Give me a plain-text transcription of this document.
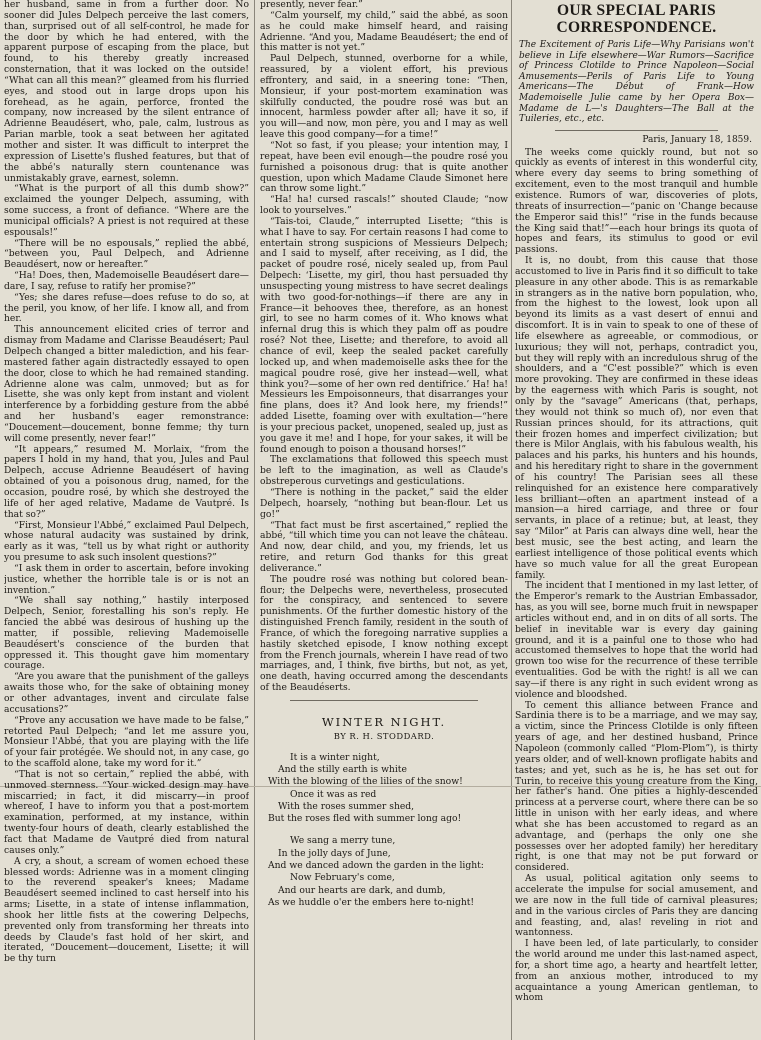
her husband, same in from a further door. No sooner did Jules Delpech perceive the last comers, than, surprised out of all self-control, he made for the door by which he had entered, with the apparent purpose of escaping from the place, but found, to his thereby greatly increased consternation, that it was locked on the outside! “What can all this mean?” gleamed from his flurried eyes, and stood out in large drops upon his forehead, as he again, perforce, fronted the company, now increased by the silent entrance of Adrienne Beaudésert, who, pale, calm, lustrous as Parian marble, took a seat between her agitated mother and sister. It was difficult to interpret the expression of Lisette's flushed features, but that of the abbé's naturally stern countenance was unmistakably grave, earnest, solemn.

“What is the purport of all this dumb show?” exclaimed the younger Delpech, assuming, with some success, a front of defiance. “Where are the municipal officials? A priest is not required at these espousals!”

“There will be no espousals,” replied the abbé, “between you, Paul Delpech, and Adrienne Beaudésert, now or hereafter.”

“Ha! Does, then, Mademoiselle Beaudésert dare—dare, I say, refuse to ratify her promise?”

“Yes; she dares refuse—does refuse to do so, at the peril, you know, of her life. I know all, and from her.

This announcement elicited cries of terror and dismay from Madame and Clarisse Beaudésert; Paul Delpech changed a bitter malediction, and his fear-mastered father again distractedly essayed to open the door, close to which he had remained standing. Adrienne alone was calm, unmoved; but as for Lisette, she was only kept from instant and violent interference by a forbidding gesture from the abbé and her husband's eager remonstrance: “Doucement—doucement, bonne femme; thy turn will come presently, never fear!”

“It appears,” resumed M. Morlaix, “from the papers I hold in my hand, that you, Jules and Paul Delpech, accuse Adrienne Beaudésert of having obtained of you a poisonous drug, named, for the occasion, poudre rosé, by which she destroyed the life of her aged relative, Madame de Vautpré. Is that so?”

“First, Monsieur l'Abbé,” exclaimed Paul Delpech, whose natural audacity was sustained by drink, early as it was, “tell us by what right or authority you presume to ask such insolent questions?”

“I ask them in order to ascertain, before invoking justice, whether the horrible tale is or is not an invention.”

“We shall say nothing,” hastily interposed Delpech, Senior, forestalling his son's reply. He fancied the abbé was desirous of hushing up the matter, if possible, relieving Mademoiselle Beaudésert's conscience of the burden that oppressed it. This thought gave him momentary courage.

“Are you aware that the punishment of the galleys awaits those who, for the sake of obtaining money or other advantages, invent and circulate false accusations?”

“Prove any accusation we have made to be false,” retorted Paul Delpech; “and let me assure you, Monsieur l'Abbé, that you are playing with the life of your fair protégée. We should not, in any case, go to the scaffold alone, take my word for it.”

“That is not so certain,” replied the abbé, with unmoved sternness. “Your wicked design may have miscarried; in fact, it did miscarry—in proof whereof, I have to inform you that a post-mortem examination, performed, at my instance, within twenty-four hours of death, clearly established the fact that Madame de Vautpré died from natural causes only.”

A cry, a shout, a scream of women echoed these blessed words: Adrienne was in a moment clinging to the reverend speaker's knees; Madame Beaudésert seemed inclined to cast herself into his arms; Lisette, in a state of intense inflammation, shook her little fists at the cowering Delpechs, prevented only from transforming her threats into deeds by Claude's fast hold of her skirt, and iterated, “Doucement—doucement, Lisette; it will be thy turn

presently, never fear.”

“Calm yourself, my child,” said the abbé, as soon as he could make himself heard, and raising Adrienne. “And you, Madame Beaudésert; the end of this matter is not yet.”

Paul Delpech, stunned, overborne for a while, reassured, by a violent effort, his previous effrontery, and said, in a sneering tone: “Then, Monsieur, if your post-mortem examination was skilfully conducted, the poudre rosé was but an innocent, harmless powder after all; have it so, if you will—and now, mon père, you and I may as well leave this good company—for a time!”

“Not so fast, if you please; your intention may, I repeat, have been evil enough—the poudre rosé you furnished a poisonous drug: that is quite another question, upon which Madame Claude Simonet here can throw some light.”

“Ha! ha! cursed rascals!” shouted Claude; “now look to yourselves.”

“Tais-toi, Claude,” interrupted Lisette; “this is what I have to say. For certain reasons I had come to entertain strong suspicions of Messieurs Delpech; and I said to myself, after receiving, as I did, the packet of poudre rosé, nicely sealed up, from Paul Delpech: ‘Lisette, my girl, thou hast persuaded thy unsuspecting young mistress to have secret dealings with two good-for-nothings—if there are any in France—it behooves thee, therefore, as an honest girl, to see no harm comes of it. Who knows what infernal drug this is which they palm off as poudre rosé? Not thee, Lisette; and therefore, to avoid all chance of evil, keep the sealed packet carefully locked up, and when mademoiselle asks thee for the magical poudre rosé, give her instead—well, what think you?—some of her own red dentifrice.’ Ha! ha! Messieurs les Empoisonneurs, that disarranges your fine plans, does it? And look here, my friends!” added Lisette, foaming over with exultation—“here is your precious packet, unopened, sealed up, just as you gave it me! and I hope, for your sakes, it will be found enough to poison a thousand horses!”

The exclamations that followed this speech must be left to the imagination, as well as Claude's obstreperous curvetings and gesticulations.

“There is nothing in the packet,” said the elder Delpech, hoarsely, “nothing but bean-flour. Let us go!”

“That fact must be first ascertained,” replied the abbé, “till which time you can not leave the château. And now, dear child, and you, my friends, let us retire, and return God thanks for this great deliverance.”

The poudre rosé was nothing but colored bean-flour; the Delpechs were, nevertheless, prosecuted for the conspiracy, and sentenced to severe punishments. Of the further domestic history of the distinguished French family, resident in the south of France, of which the foregoing narrative supplies a hastily sketched episode, I know nothing except from the French journals, wherein I have read of two marriages, and, I think, five births, but not, as yet, one death, having occurred among the descendants of the Beaudéserts.

WINTER NIGHT.

BY R. H. STODDARD.

It is a winter night,
And the stilly earth is white
With the blowing of the lilies of the snow!
Once it was as red
With the roses summer shed,
But the roses fled with summer long ago!
We sang a merry tune,
In the jolly days of June,
And we danced adown the garden in the light:
Now February's come,
And our hearts are dark, and dumb,
As we huddle o'er the embers here to-night!
OUR SPECIAL PARIS CORRESPONDENCE.

The Excitement of Paris Life—Why Parisians won't believe in Life elsewhere—War Rumors—Sacrifice of Princess Clotilde to Prince Napoleon—Social Amusements—Perils of Paris Life to Young Americans—The Début of Frank—How Mademoiselle Julie came by her Opera Box—Madame de L—'s Daughters—The Ball at the Tuileries, etc., etc.

Paris, January 18, 1859.

The weeks come quickly round, but not so quickly as events of interest in this wonderful city, where every day seems to bring something of excitement, even to the most tranquil and humble existence. Rumors of war, discoveries of plots, threats of insurrection—“panic on 'Change because the Emperor said this!” “rise in the funds because the King said that!”—each hour brings its quota of hopes and fears, its stimulus to good or evil passions.

It is, no doubt, from this cause that those accustomed to live in Paris find it so difficult to take pleasure in any other abode. This is as remarkable in strangers as in the native born population, who, from the highest to the lowest, look upon all beyond its limits as a vast desert of ennui and discomfort. It is in vain to speak to one of these of life elsewhere as agreeable, or commodious, or luxurious; they will not, perhaps, contradict you, but they will reply with an incredulous shrug of the shoulders, and a “C'est possible?” which is even more provoking. They are confirmed in these ideas by the eagerness with which Paris is sought, not only by the “savage” Americans (that, perhaps, they would not think so much of), nor even that Russian princes should, for its attractions, quit their frozen homes and imperfect civilization; but there is Milor Anglais, with his fabulous wealth, his palaces and his parks, his hunters and his hounds, and his hereditary right to share in the government of his country! The Parisian sees all these relinquished for an existence here comparatively less brilliant—often an apartment instead of a mansion—a hired carriage, and three or four servants, in place of a retinue; but, at least, they say “Milor” at Paris can always dine well, hear the best music, see the best acting, and learn the earliest intelligence of those political events which have so much value for all the great European family.

The incident that I mentioned in my last letter, of the Emperor's remark to the Austrian Embassador, has, as you will see, borne much fruit in newspaper articles without end, and in on dits of all sorts. The belief in inevitable war is every day gaining ground, and it is a painful one to those who had accustomed themselves to hope that the world had grown too wise for the recurrence of these terrible eventualities. God be with the right! is all we can say—if there is any right in such evident wrong as violence and bloodshed.

To cement this alliance between France and Sardinia there is to be a marriage, and we may say, a victim, since the Princess Clotilde is only fifteen years of age, and her destined husband, Prince Napoleon (commonly called “Plom-Plom”), is thirty years older, and of well-known profligate habits and tastes; and yet, such as he is, he has set out for Turin, to receive this young creature from the King, her father's hand. One pities a highly-descended princess at a perverse court, where there can be so little in unison with her early ideas, and where what she has been accustomed to regard as an advantage, and (perhaps the only one she possesses over her adopted family) her hereditary right, is one that may not be put forward or considered.

As usual, political agitation only seems to accelerate the impulse for social amusement, and we are now in the full tide of carnival pleasures; and in the various circles of Paris they are dancing and feasting, and, alas! reveling in riot and wantonness.

I have been led, of late particularly, to consider the world around me under this last-named aspect, for, a short time ago, a hearty and heartfelt letter, from an anxious mother, introduced to my acquaintance a young American gentleman, to whom
